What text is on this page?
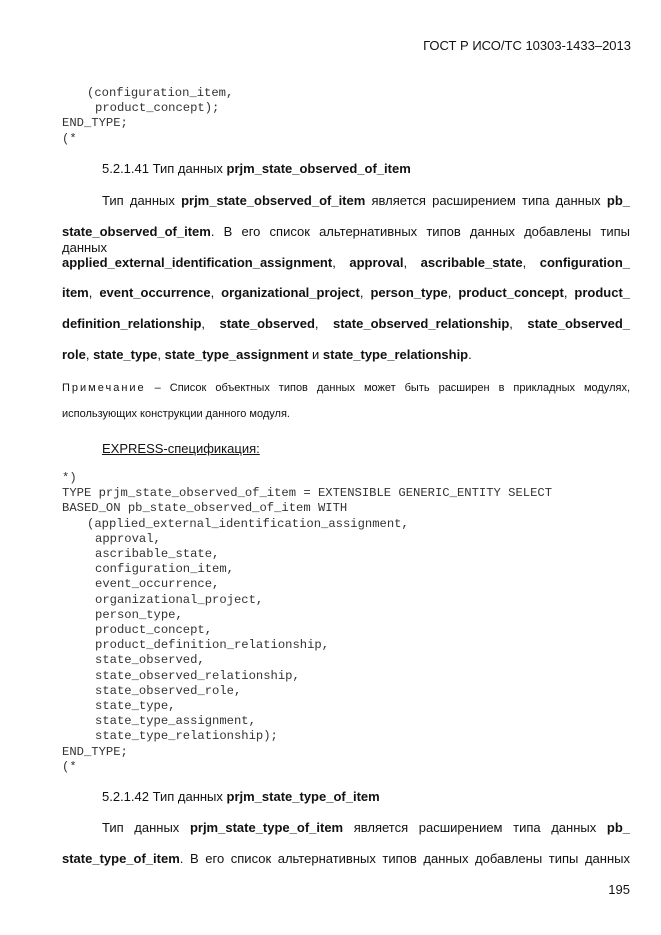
ГОСТ Р ИСО/ТС 10303-1433–2013
(configuration_item,
product_concept);
END_TYPE;
(*
5.2.1.41 Тип данных prjm_state_observed_of_item
Тип данных prjm_state_observed_of_item является расширением типа данных pb_
state_observed_of_item. В его список альтернативных типов данных добавлены типы данных
applied_external_identification_assignment, approval, ascribable_state, configuration_
item, event_occurrence, organizational_project, person_type, product_concept, product_
definition_relationship, state_observed, state_observed_relationship, state_observed_
role, state_type, state_type_assignment и state_type_relationship.
Примечание – Список объектных типов данных может быть расширен в прикладных модулях,
использующих конструкции данного модуля.
EXPRESS-спецификация:
*)
TYPE prjm_state_observed_of_item = EXTENSIBLE GENERIC_ENTITY SELECT
BASED_ON pb_state_observed_of_item WITH
(applied_external_identification_assignment,
approval,
ascribable_state,
configuration_item,
event_occurrence,
organizational_project,
person_type,
product_concept,
product_definition_relationship,
state_observed,
state_observed_relationship,
state_observed_role,
state_type,
state_type_assignment,
state_type_relationship);
END_TYPE;
(*
5.2.1.42 Тип данных prjm_state_type_of_item
Тип данных prjm_state_type_of_item является расширением типа данных pb_
state_type_of_item. В его список альтернативных типов данных добавлены типы данных
195
